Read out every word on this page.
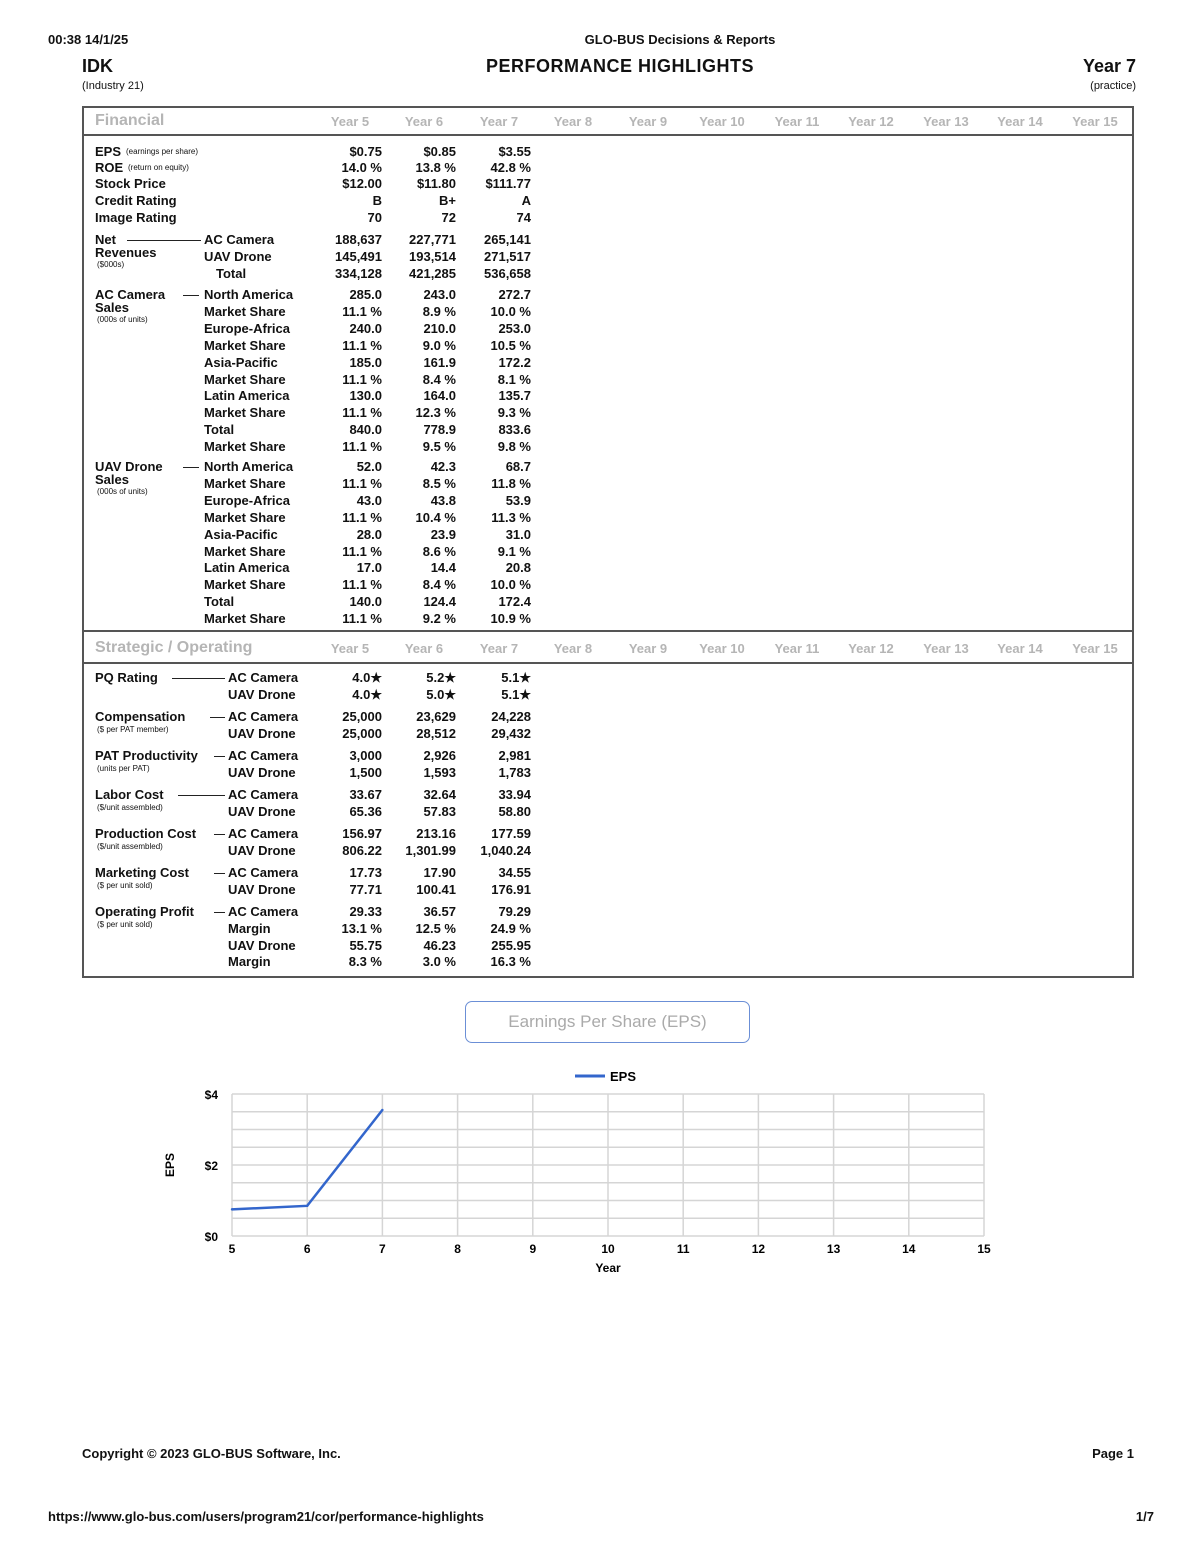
00:38 14/1/25	GLO-BUS Decisions & Reports
IDK
(Industry 21)
PERFORMANCE HIGHLIGHTS	Year 7
(practice)
Financial	Year 5	Year 6	Year 7	Year 8	Year 9	Year 10	Year 11	Year 12	Year 13	Year 14	Year 15
Strategic / Operating	Year 5	Year 6	Year 7	Year 8	Year 9	Year 10	Year 11	Year 12	Year 13	Year 14	Year 15
EPS (earnings per share)	$0.75	$0.85	$3.55
ROE (return on equity)	14.0 %	13.8 %	42.8 %
Stock Price	$12.00	$11.80	$111.77
Credit Rating	B	B+	A
Image Rating	70	72	74
Net
Revenues
($000s)
AC Camera	188,637	227,771	265,141
UAV Drone	145,491	193,514	271,517
Total	334,128	421,285	536,658
AC Camera
Sales
(000s of units)
North America	285.0	243.0	272.7
Market Share	11.1 %	8.9 %	10.0 %
Europe-Africa	240.0	210.0	253.0
Market Share	11.1 %	9.0 %	10.5 %
Asia-Pacific	185.0	161.9	172.2
Market Share	11.1 %	8.4 %	8.1 %
Latin America	130.0	164.0	135.7
Market Share	11.1 %	12.3 %	9.3 %
Total	840.0	778.9	833.6
Market Share	11.1 %	9.5 %	9.8 %
UAV Drone
Sales
(000s of units)
North America	52.0	42.3	68.7
Market Share	11.1 %	8.5 %	11.8 %
Europe-Africa	43.0	43.8	53.9
Market Share	11.1 %	10.4 %	11.3 %
Asia-Pacific	28.0	23.9	31.0
Market Share	11.1 %	8.6 %	9.1 %
Latin America	17.0	14.4	20.8
Market Share	11.1 %	8.4 %	10.0 %
Total	140.0	124.4	172.4
Market Share	11.1 %	9.2 %	10.9 %
PQ Rating	AC Camera	4.0★	5.2★	5.1★
UAV Drone	4.0★	5.0★	5.1★
Compensation
($ per PAT member)
AC Camera	25,000	23,629	24,228
UAV Drone	25,000	28,512	29,432
PAT Productivity
(units per PAT)
AC Camera	3,000	2,926	2,981
UAV Drone	1,500	1,593	1,783
Labor Cost
($/unit assembled)
AC Camera	33.67	32.64	33.94
UAV Drone	65.36	57.83	58.80
Production Cost
($/unit assembled)
AC Camera	156.97	213.16	177.59
UAV Drone	806.22	1,301.99	1,040.24
Marketing Cost
($ per unit sold)
AC Camera	17.73	17.90	34.55
UAV Drone	77.71	100.41	176.91
Operating Profit
($ per unit sold)
AC Camera	29.33	36.57	79.29
Margin	13.1 %	12.5 %	24.9 %
UAV Drone	55.75	46.23	255.95
Margin	8.3 %	3.0 %	16.3 %
Earnings Per Share (EPS)
$0
$2
$4
5	6	7	8	9	10	11	12	13	14	15
EPS
Year
EPS
Copyright © 2023 GLO-BUS Software, Inc.	Page 1
https://www.glo-bus.com/users/program21/cor/performance-highlights	1/7
